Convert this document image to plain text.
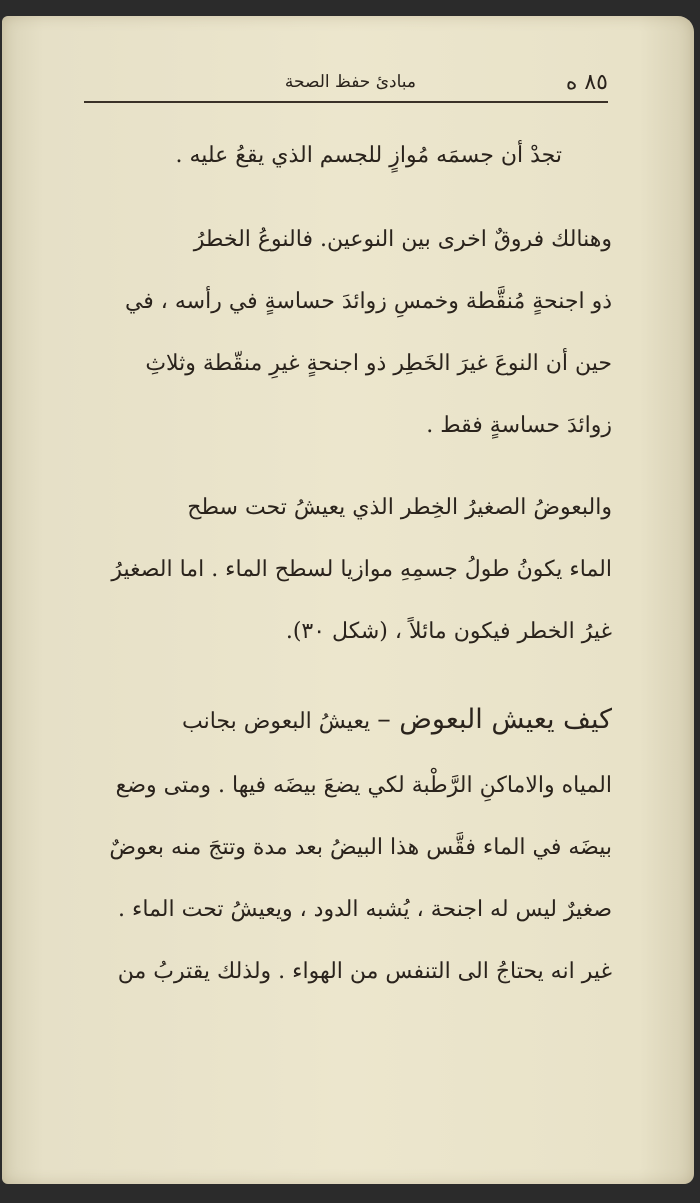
٨٥ ه
مبادئ حفظ الصحة
تجدْ أن جسمَه مُوازٍ للجسم الذي يقعُ عليه .
وهنالك فروقٌ اخرى بين النوعين. فالنوعُ الخطرُ
ذو اجنحةٍ مُنقَّطة وخمسِ زوائدَ حساسةٍ في رأسه ، في
حين أن النوعَ غيرَ الخَطِر ذو اجنحةٍ غيرِ منقّطة وثلاثِ
زوائدَ حساسةٍ فقط .
والبعوضُ الصغيرُ الخِطر الذي يعيشُ تحت سطح
الماء يكونُ طولُ جسمِهِ موازيا لسطح الماء . اما الصغيرُ
غيرُ الخطر فيكون مائلاً ، (شكل ٣٠).
كيف يعيش البعوض – يعيشُ البعوض بجانب
المياه والاماكنِ الرَّطْبة لكي يضعَ بيضَه فيها . ومتى وضع
بيضَه في الماء فقَّس هذا البيضُ بعد مدة وتتجَ منه بعوضٌ
صغيرٌ ليس له اجنحة ، يُشبه الدود ، ويعيشُ تحت الماء .
غير انه يحتاجُ الى التنفس من الهواء . ولذلك يقتربُ من
